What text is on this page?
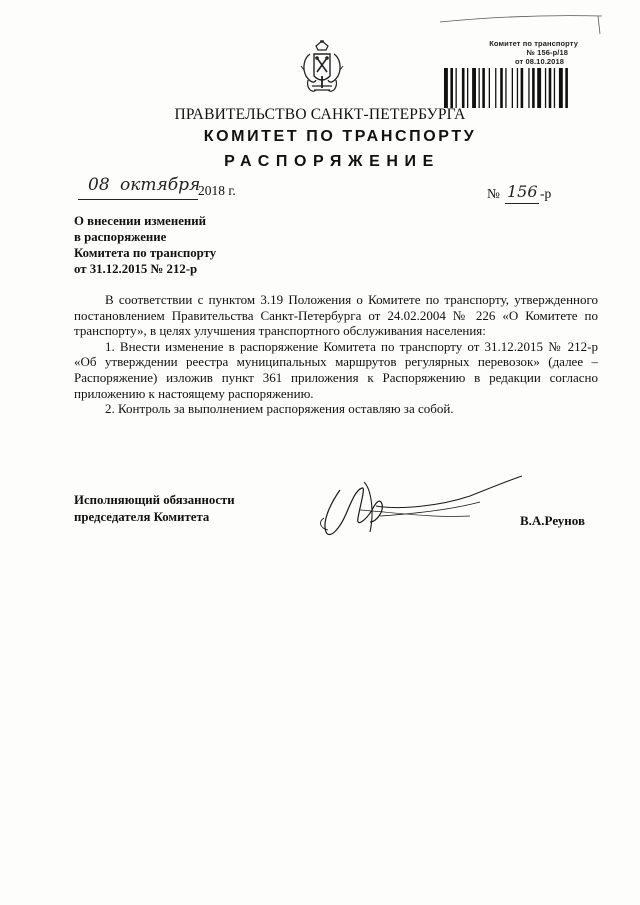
Комитет по транспорту
№ 156-р/18
от 08.10.2018
ПРАВИТЕЛЬСТВО САНКТ-ПЕТЕРБУРГА
КОМИТЕТ ПО ТРАНСПОРТУ
РАСПОРЯЖЕНИЕ
08 октября
2018 г.	№ 156 -р
О внесении изменений
в распоряжение
Комитета по транспорту
от 31.12.2015 № 212-р

В соответствии с пунктом 3.19 Положения о Комитете по транспорту, утвержденного постановлением Правительства Санкт-Петербурга от 24.02.2004 № 226 «О Комитете по транспорту», в целях улучшения транспортного обслуживания населения:

1. Внести изменение в распоряжение Комитета по транспорту от 31.12.2015 № 212-р «Об утверждении реестра муниципальных маршрутов регулярных перевозок» (далее – Распоряжение) изложив пункт 361 приложения к Распоряжению в редакции согласно приложению к настоящему распоряжению.

2. Контроль за выполнением распоряжения оставляю за собой.

Исполняющий обязанности
председателя Комитета	В.А.Реунов
